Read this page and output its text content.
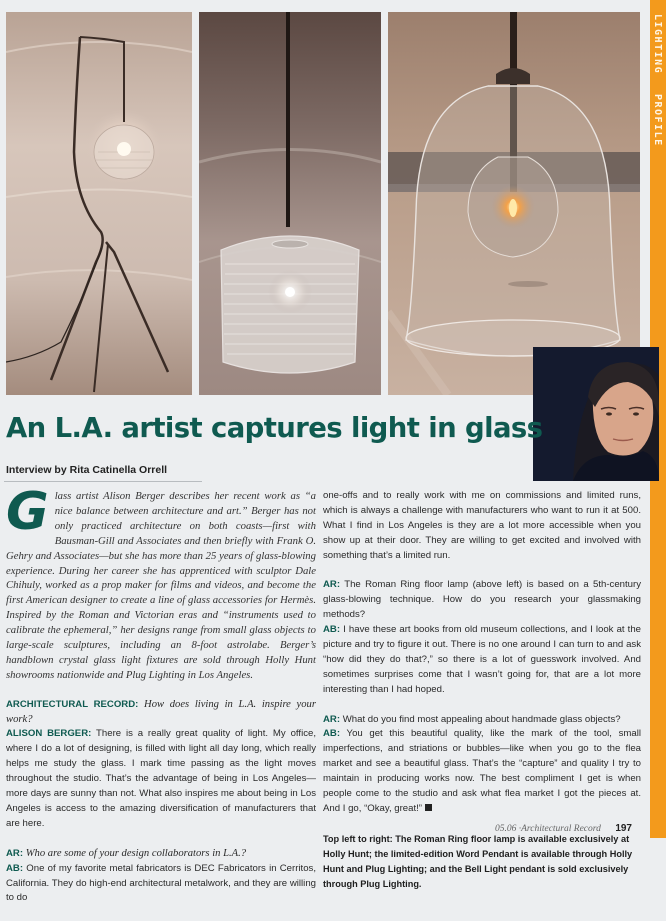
LIGHTING PROFILE
An L.A. artist captures light in glass
Interview by Rita Catinella Orrell

Glass artist Alison Berger describes her recent work as “a nice balance between architecture and art.” Berger has not only practiced architecture on both coasts—first with Bausman-Gill and Associates and then briefly with Frank O. Gehry and Associates—but she has more than 25 years of glass-blowing experience. During her career she has apprenticed with sculptor Dale Chihuly, worked as a prop maker for films and videos, and become the first American designer to create a line of glass accessories for Hermès. Inspired by the Roman and Victorian eras and “instruments used to calibrate the ephemeral,” her designs range from small glass objects to large-scale sculptures, including an 8-foot astrolabe. Berger’s handblown crystal glass light fixtures are sold through Holly Hunt showrooms nationwide and Plug Lighting in Los Angeles.

ARCHITECTURAL RECORD: How does living in L.A. inspire your work?
ALISON BERGER: There is a really great quality of light. My office, where I do a lot of designing, is filled with light all day long, which really helps me study the glass. I mark time passing as the light moves throughout the studio. That’s the advantage of being in Los Angeles—more days are sunny than not. What also inspires me about being in Los Angeles is access to the amazing diversification of manufacturers that are here.

AR: Who are some of your design collaborators in L.A.?
AB: One of my favorite metal fabricators is DEC Fabricators in Cerritos, California. They do high-end architectural metalwork, and they are willing to do

one-offs and to really work with me on commissions and limited runs, which is always a challenge with manufacturers who want to run it at 500. What I find in Los Angeles is they are a lot more accessible when you show up at their door. They are willing to get excited and involved with something that’s a limited run.

AR: The Roman Ring floor lamp (above left) is based on a 5th-century glass-blowing technique. How do you research your glassmaking methods?
AB: I have these art books from old museum collections, and I look at the picture and try to figure it out. There is no one around I can turn to and ask “how did they do that?,” so there is a lot of guesswork involved. And sometimes surprises come that I wasn’t going for, that are a lot more interesting than I had hoped.

AR: What do you find most appealing about handmade glass objects?
AB: You get this beautiful quality, like the mark of the tool, small imperfections, and striations or bubbles—like when you go to the flea market and see a beautiful glass. That’s the “capture” and quality I try to maintain in producing works now. The best compliment I get is when people come to the studio and ask what flea market I got the pieces at. And I go, “Okay, great!”

Top left to right: The Roman Ring floor lamp is available exclusively at Holly Hunt; the limited-edition Word Pendant is available through Holly Hunt and Plug Lighting; and the Bell Light pendant is sold exclusively through Plug Lighting.

05.06 ·Architectural Record 197
